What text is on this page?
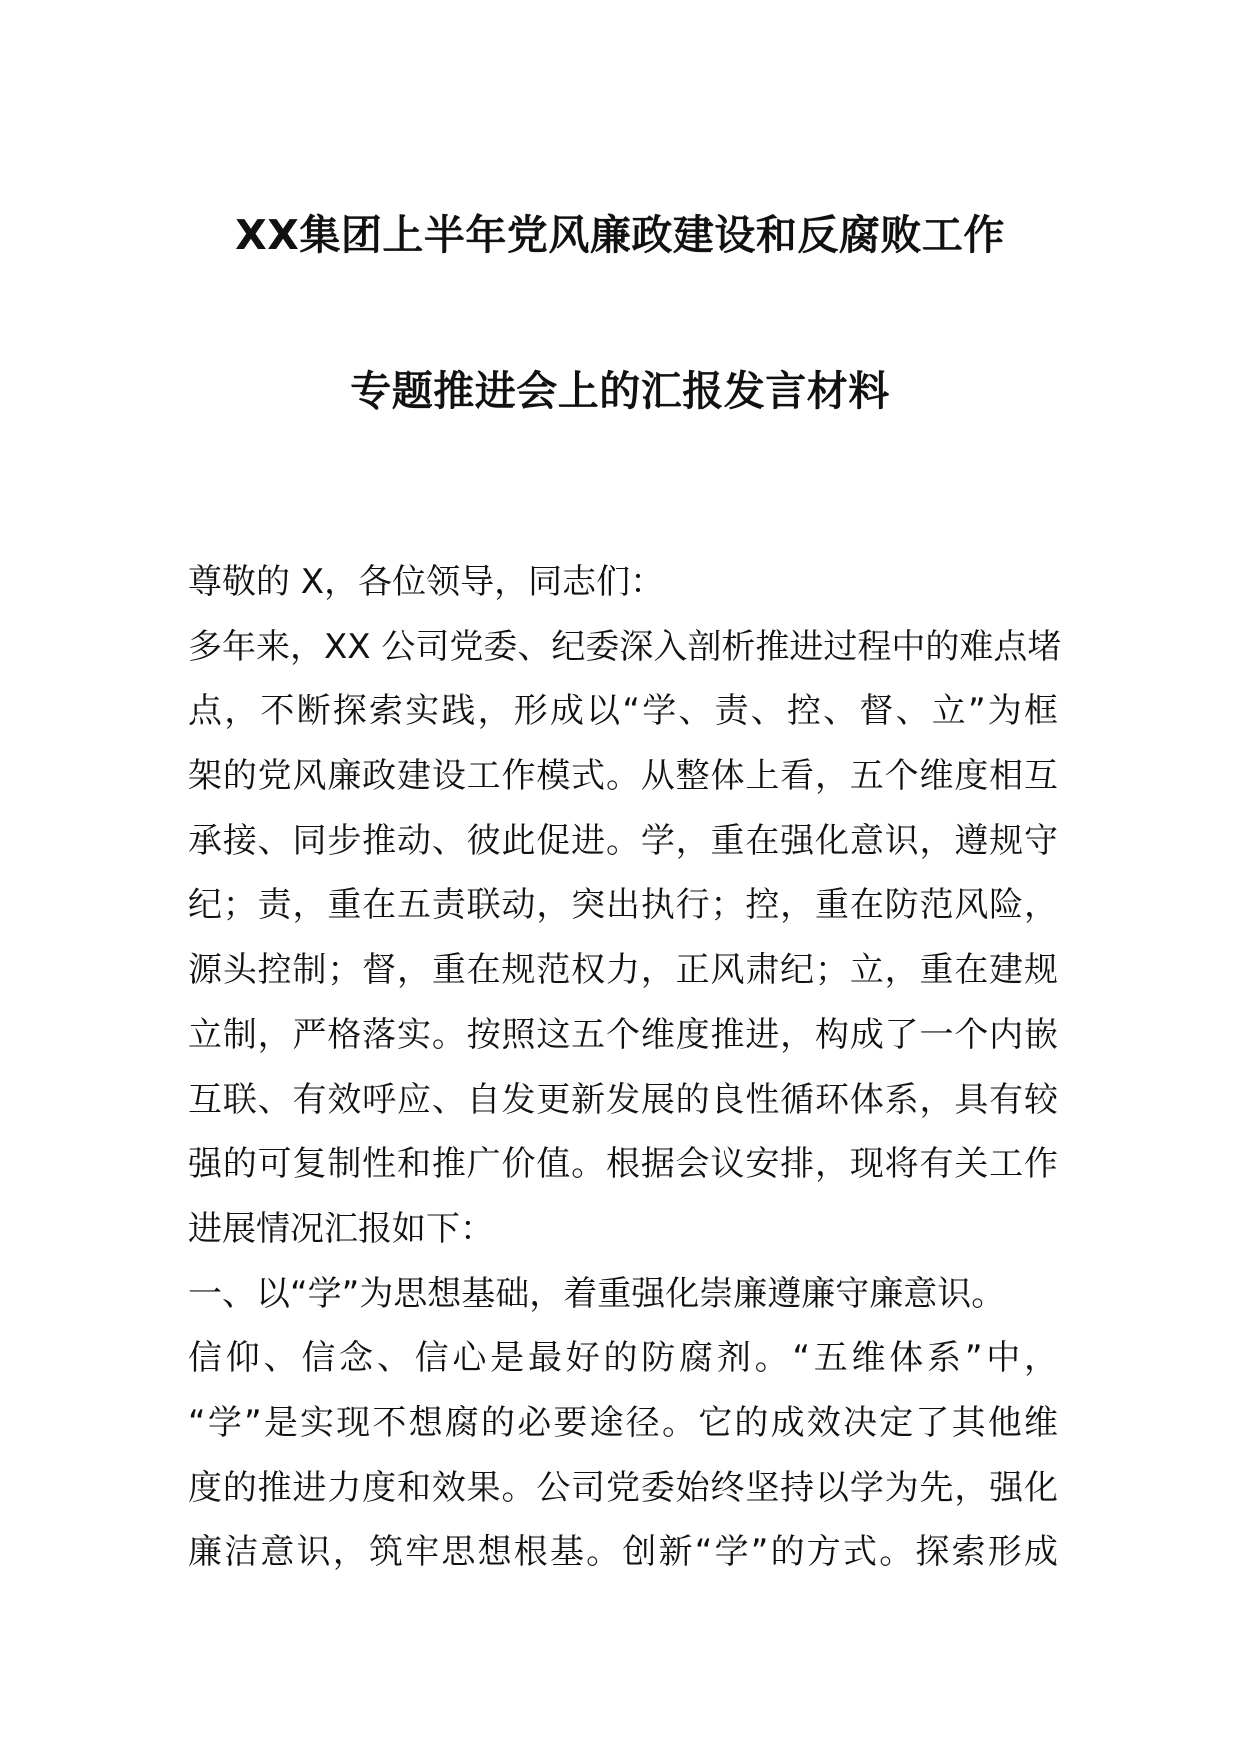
XX集团上半年党风廉政建设和反腐败工作
专题推进会上的汇报发言材料
尊敬的 X，各位领导，同志们：
多年来，XX 公司党委、纪委深入剖析推进过程中的难点堵
点，不断探索实践，形成以“学、责、控、督、立”为框
架的党风廉政建设工作模式。从整体上看，五个维度相互
承接、同步推动、彼此促进。学，重在强化意识，遵规守
纪；责，重在五责联动，突出执行；控，重在防范风险，
源头控制；督，重在规范权力，正风肃纪；立，重在建规
立制，严格落实。按照这五个维度推进，构成了一个内嵌
互联、有效呼应、自发更新发展的良性循环体系，具有较
强的可复制性和推广价值。根据会议安排，现将有关工作
进展情况汇报如下：
一、以“学”为思想基础，着重强化崇廉遵廉守廉意识。
信仰、信念、信心是最好的防腐剂。“五维体系”中，
“学”是实现不想腐的必要途径。它的成效决定了其他维
度的推进力度和效果。公司党委始终坚持以学为先，强化
廉洁意识，筑牢思想根基。创新“学”的方式。探索形成
